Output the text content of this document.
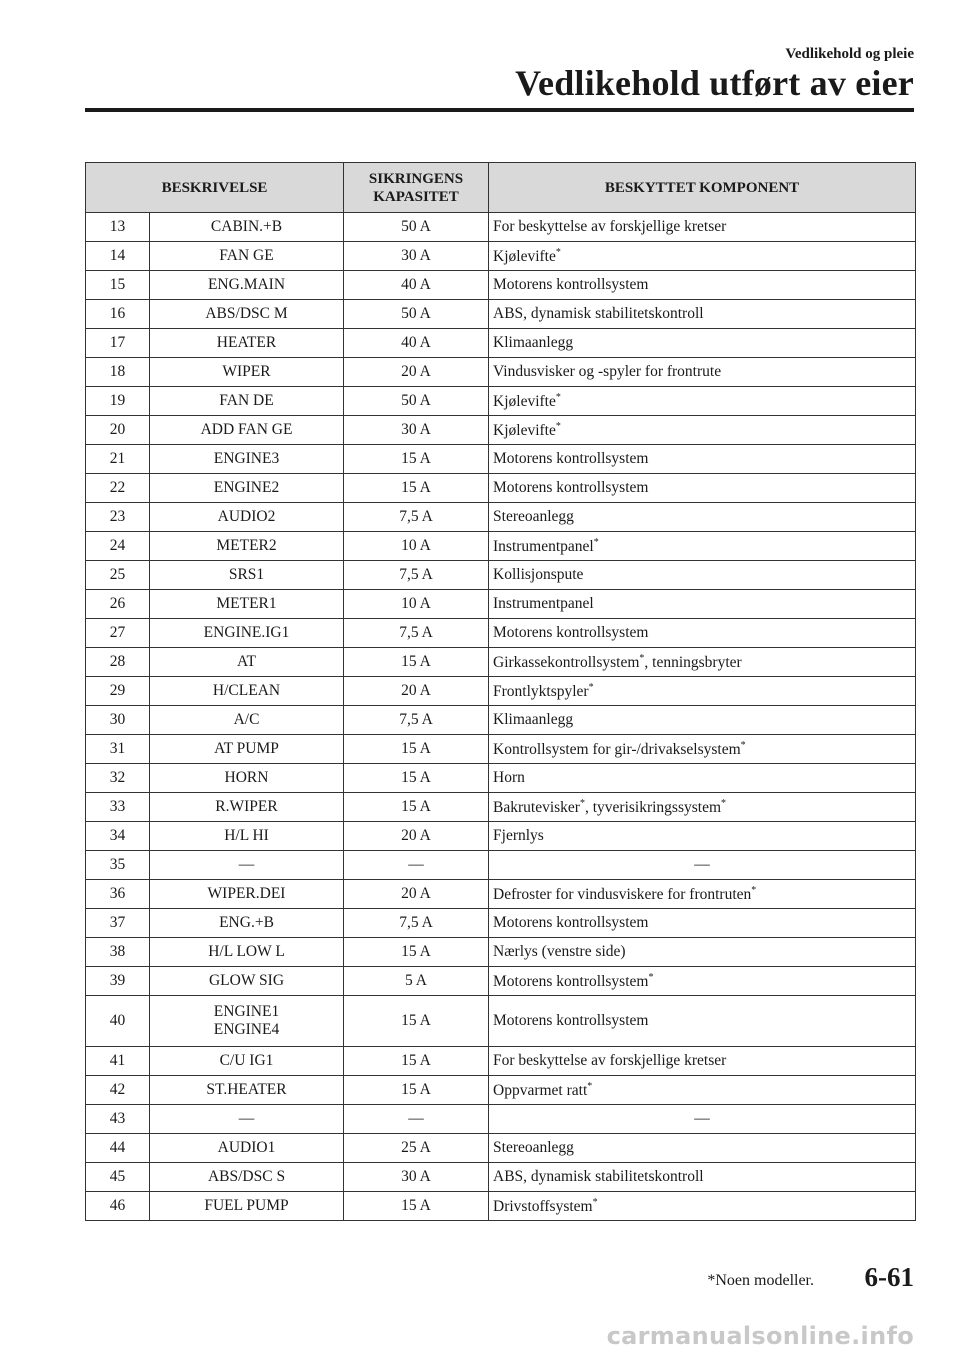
Vedlikehold og pleie
Vedlikehold utført av eier
BESKRIVELSE		SIKRINGENS
KAPASITET	BESKYTTET KOMPONENT
13	CABIN.+B	50 A	For beskyttelse av forskjellige kretser
14	FAN GE	30 A	Kjølevifte*
15	ENG.MAIN	40 A	Motorens kontrollsystem
16	ABS/DSC M	50 A	ABS, dynamisk stabilitetskontroll
17	HEATER	40 A	Klimaanlegg
18	WIPER	20 A	Vindusvisker og -spyler for frontrute
19	FAN DE	50 A	Kjølevifte*
20	ADD FAN GE	30 A	Kjølevifte*
21	ENGINE3	15 A	Motorens kontrollsystem
22	ENGINE2	15 A	Motorens kontrollsystem
23	AUDIO2	7,5 A	Stereoanlegg
24	METER2	10 A	Instrumentpanel*
25	SRS1	7,5 A	Kollisjonspute
26	METER1	10 A	Instrumentpanel
27	ENGINE.IG1	7,5 A	Motorens kontrollsystem
28	AT	15 A	Girkassekontrollsystem*, tenningsbryter
29	H/CLEAN	20 A	Frontlyktspyler*
30	A/C	7,5 A	Klimaanlegg
31	AT PUMP	15 A	Kontrollsystem for gir-/drivakselsystem*
32	HORN	15 A	Horn
33	R.WIPER	15 A	Bakrutevisker*, tyverisikringssystem*
34	H/L HI	20 A	Fjernlys
35	—	—	—
36	WIPER.DEI	20 A	Defroster for vindusviskere for frontruten*
37	ENG.+B	7,5 A	Motorens kontrollsystem
38	H/L LOW L	15 A	Nærlys (venstre side)
39	GLOW SIG	5 A	Motorens kontrollsystem*
40	ENGINE1
ENGINE4	15 A	Motorens kontrollsystem
41	C/U IG1	15 A	For beskyttelse av forskjellige kretser
42	ST.HEATER	15 A	Oppvarmet ratt*
43	—	—	—
44	AUDIO1	25 A	Stereoanlegg
45	ABS/DSC S	30 A	ABS, dynamisk stabilitetskontroll
46	FUEL PUMP	15 A	Drivstoffsystem*
*Noen modeller. 6-61
carmanualsonline.info
